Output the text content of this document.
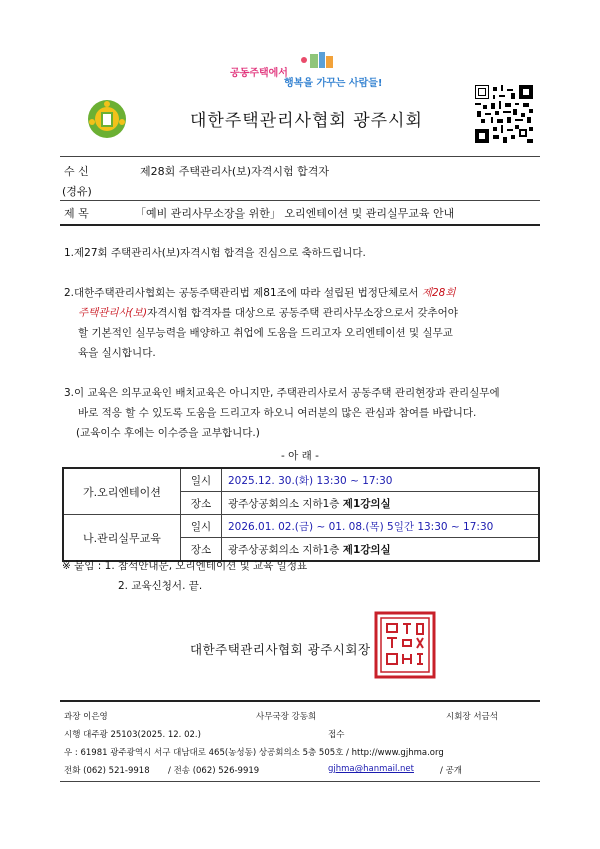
공동주택에서
행복을 가꾸는 사람들!
대한주택관리사협회 광주시회
수 신	제28회 주택관리사(보)자격시험 합격자
(경유)
제 목	「예비 관리사무소장을 위한」 오리엔테이션 및 관리실무교육 안내
1.제27회 주택관리사(보)자격시험 합격을 진심으로 축하드립니다.
2.대한주택관리사협회는 공동주택관리법 제81조에 따라 설립된 법정단체로서 제28회
주택관리사(보)자격시험 합격자를 대상으로 공동주택 관리사무소장으로서 갖추어야
할 기본적인 실무능력을 배양하고 취업에 도움을 드리고자 오리엔테이션 및 실무교
육을 실시합니다.
3.이 교육은 의무교육인 배치교육은 아니지만, 주택관리사로서 공동주택 관리현장과 관리실무에
바로 적응 할 수 있도록 도움을 드리고자 하오니 여러분의 많은 관심과 참여를 바랍니다.
(교육이수 후에는 이수증을 교부합니다.)
- 아 래 -
가.오리엔테이션	일시	2025.12. 30.(화) 13:30 ~ 17:30
	장소	광주상공회의소 지하1층 제1강의실
나.관리실무교육	일시	2026.01. 02.(금) ~ 01. 08.(목) 5일간 13:30 ~ 17:30
	장소	광주상공회의소 지하1층 제1강의실
※ 붙임 : 1. 참석안내문, 오리엔테이션 및 교육 일정표
2. 교육신청서. 끝.
대한주택관리사협회 광주시회장
과장 이은영	사무국장 강동희	시회장 서금석
시행 대주광 25103(2025. 12. 02.)	접수
우 : 61981 광주광역시 서구 대남대로 465(농성동) 상공회의소 5층 505호 / http://www.gjhma.org
전화 (062) 521-9918 / 전송 (062) 526-9919	gjhma@hanmail.net	/ 공개
